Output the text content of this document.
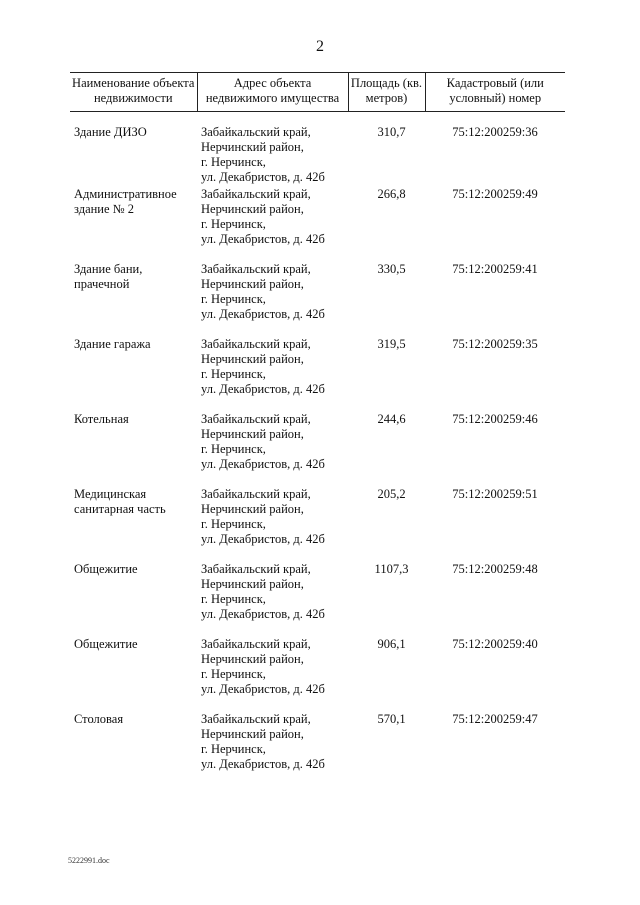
2
Наименование объекта недвижимости	Адрес объекта недвижимого имущества	Площадь (кв. метров)	Кадастровый (или условный) номер
Здание ДИЗО	Забайкальский край,
Нерчинский район,
г. Нерчинск,
ул. Декабристов, д. 42б	310,7	75:12:200259:36
Административное здание № 2	Забайкальский край,
Нерчинский район,
г. Нерчинск,
ул. Декабристов, д. 42б	266,8	75:12:200259:49
Здание бани, прачечной	Забайкальский край,
Нерчинский район,
г. Нерчинск,
ул. Декабристов, д. 42б	330,5	75:12:200259:41
Здание гаража	Забайкальский край,
Нерчинский район,
г. Нерчинск,
ул. Декабристов, д. 42б	319,5	75:12:200259:35
Котельная	Забайкальский край,
Нерчинский район,
г. Нерчинск,
ул. Декабристов, д. 42б	244,6	75:12:200259:46
Медицинская санитарная часть	Забайкальский край,
Нерчинский район,
г. Нерчинск,
ул. Декабристов, д. 42б	205,2	75:12:200259:51
Общежитие	Забайкальский край,
Нерчинский район,
г. Нерчинск,
ул. Декабристов, д. 42б	1107,3	75:12:200259:48
Общежитие	Забайкальский край,
Нерчинский район,
г. Нерчинск,
ул. Декабристов, д. 42б	906,1	75:12:200259:40
Столовая	Забайкальский край,
Нерчинский район,
г. Нерчинск,
ул. Декабристов, д. 42б	570,1	75:12:200259:47
5222991.doc
